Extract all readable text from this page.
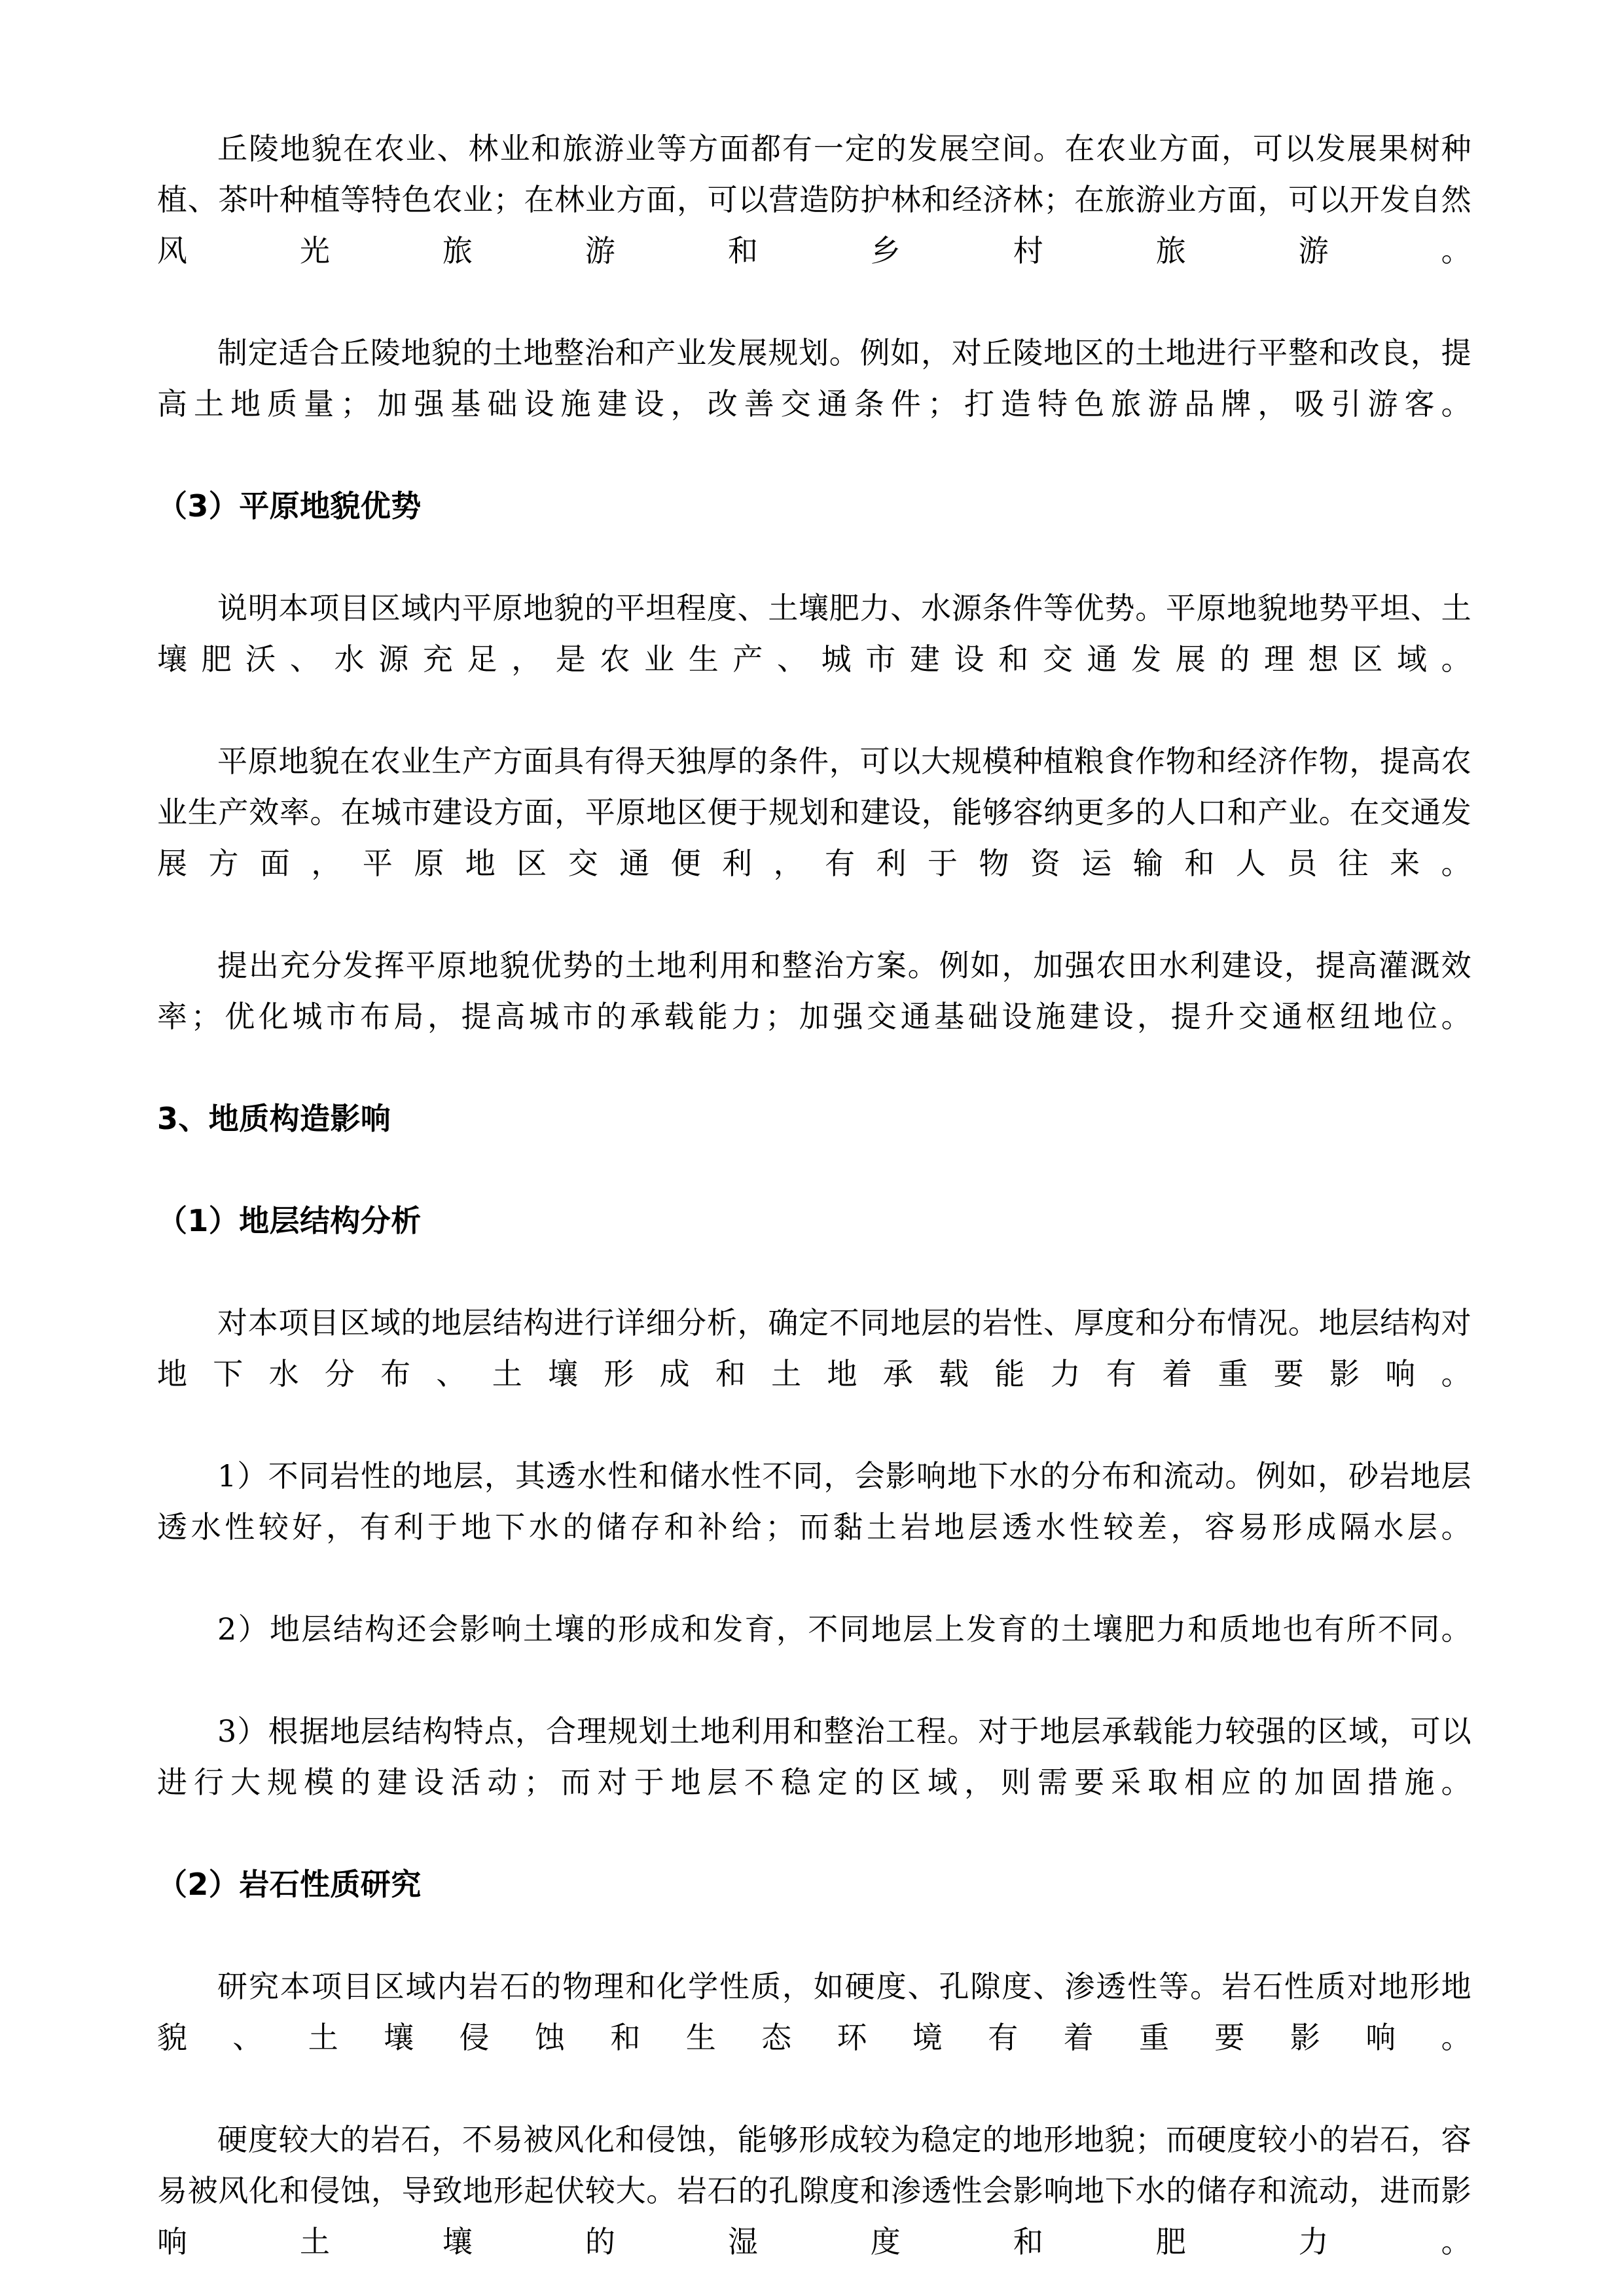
丘陵地貌在农业、林业和旅游业等方面都有一定的发展空间。在农业方面，可以发展果树种植、茶叶种植等特色农业；在林业方面，可以营造防护林和经济林；在旅游业方面，可以开发自然风光旅游和乡村旅游。

制定适合丘陵地貌的土地整治和产业发展规划。例如，对丘陵地区的土地进行平整和改良，提高土地质量；加强基础设施建设，改善交通条件；打造特色旅游品牌，吸引游客。

（3）平原地貌优势

说明本项目区域内平原地貌的平坦程度、土壤肥力、水源条件等优势。平原地貌地势平坦、土壤肥沃、水源充足，是农业生产、城市建设和交通发展的理想区域。

平原地貌在农业生产方面具有得天独厚的条件，可以大规模种植粮食作物和经济作物，提高农业生产效率。在城市建设方面，平原地区便于规划和建设，能够容纳更多的人口和产业。在交通发展方面，平原地区交通便利，有利于物资运输和人员往来。

提出充分发挥平原地貌优势的土地利用和整治方案。例如，加强农田水利建设，提高灌溉效率；优化城市布局，提高城市的承载能力；加强交通基础设施建设，提升交通枢纽地位。

3、地质构造影响

（1）地层结构分析

对本项目区域的地层结构进行详细分析，确定不同地层的岩性、厚度和分布情况。地层结构对地下水分布、土壤形成和土地承载能力有着重要影响。

1）不同岩性的地层，其透水性和储水性不同，会影响地下水的分布和流动。例如，砂岩地层透水性较好，有利于地下水的储存和补给；而黏土岩地层透水性较差，容易形成隔水层。

2）地层结构还会影响土壤的形成和发育，不同地层上发育的土壤肥力和质地也有所不同。

3）根据地层结构特点，合理规划土地利用和整治工程。对于地层承载能力较强的区域，可以进行大规模的建设活动；而对于地层不稳定的区域，则需要采取相应的加固措施。

（2）岩石性质研究

研究本项目区域内岩石的物理和化学性质，如硬度、孔隙度、渗透性等。岩石性质对地形地貌、土壤侵蚀和生态环境有着重要影响。

硬度较大的岩石，不易被风化和侵蚀，能够形成较为稳定的地形地貌；而硬度较小的岩石，容易被风化和侵蚀，导致地形起伏较大。岩石的孔隙度和渗透性会影响地下水的储存和流动，进而影响土壤的湿度和肥力。
